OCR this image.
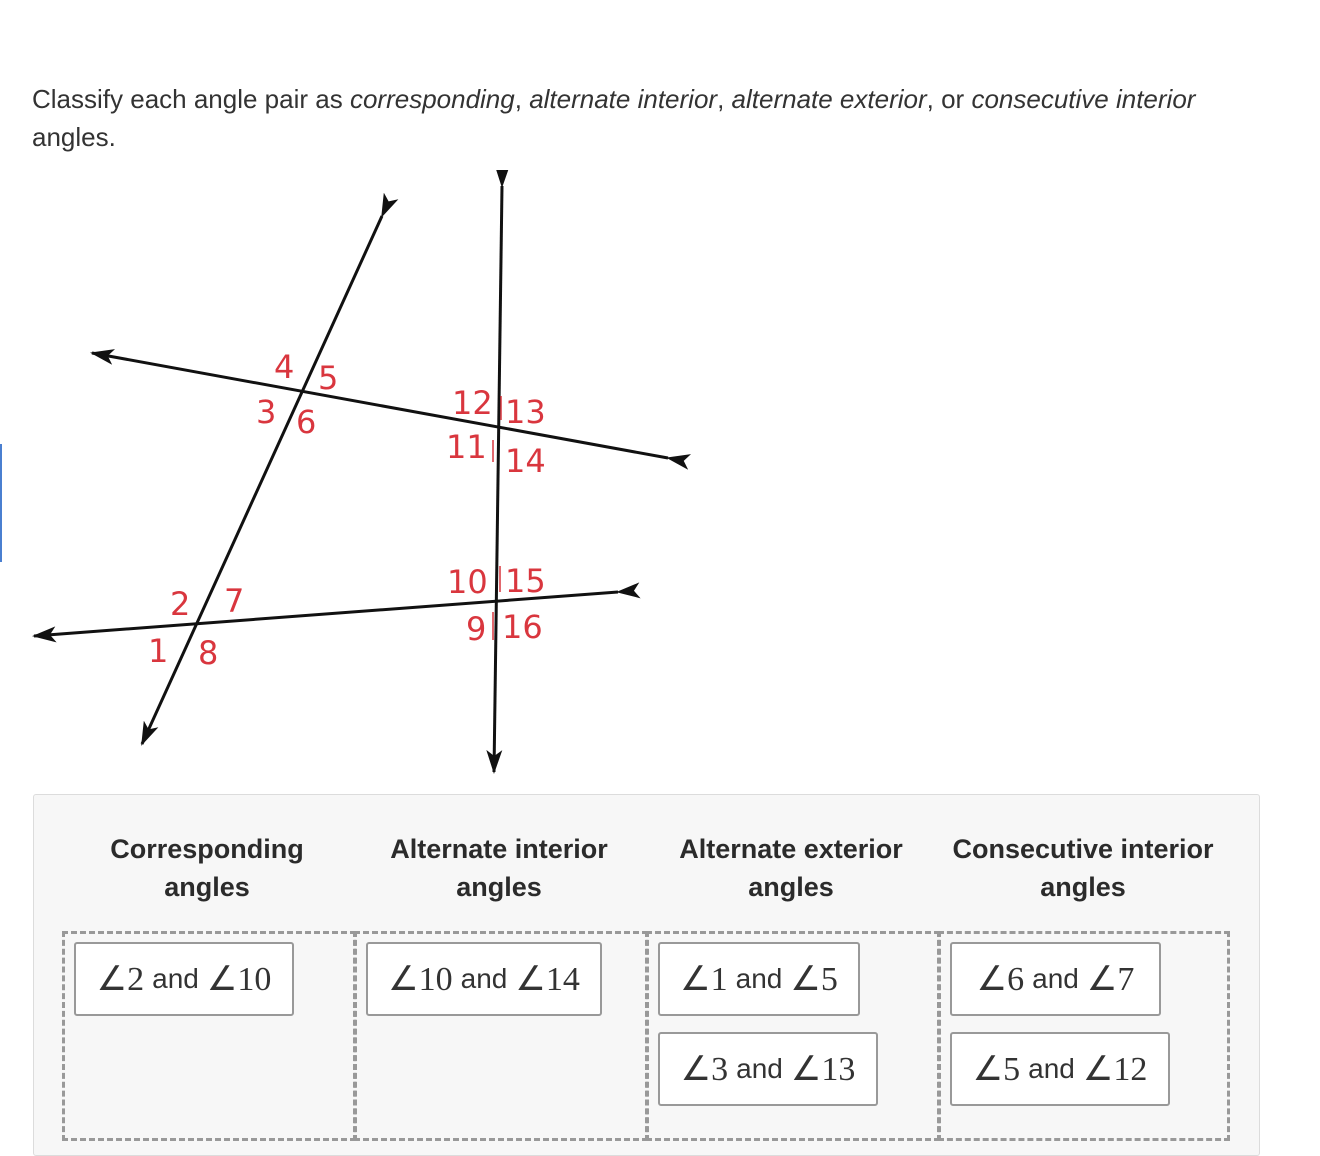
Classify each angle pair as corresponding, alternate interior, alternate exterior, or consecutive interior angles.

1
2
3
4 5
6
7
8
9
10
11
12 13
14
15
16
Corresponding
angles
Alternate interior
angles
Alternate exterior
angles
Consecutive interior
angles
∠2 and ∠10	∠10 and ∠14	∠1 and ∠5
∠3 and ∠13
∠6 and ∠7
∠5 and ∠12
